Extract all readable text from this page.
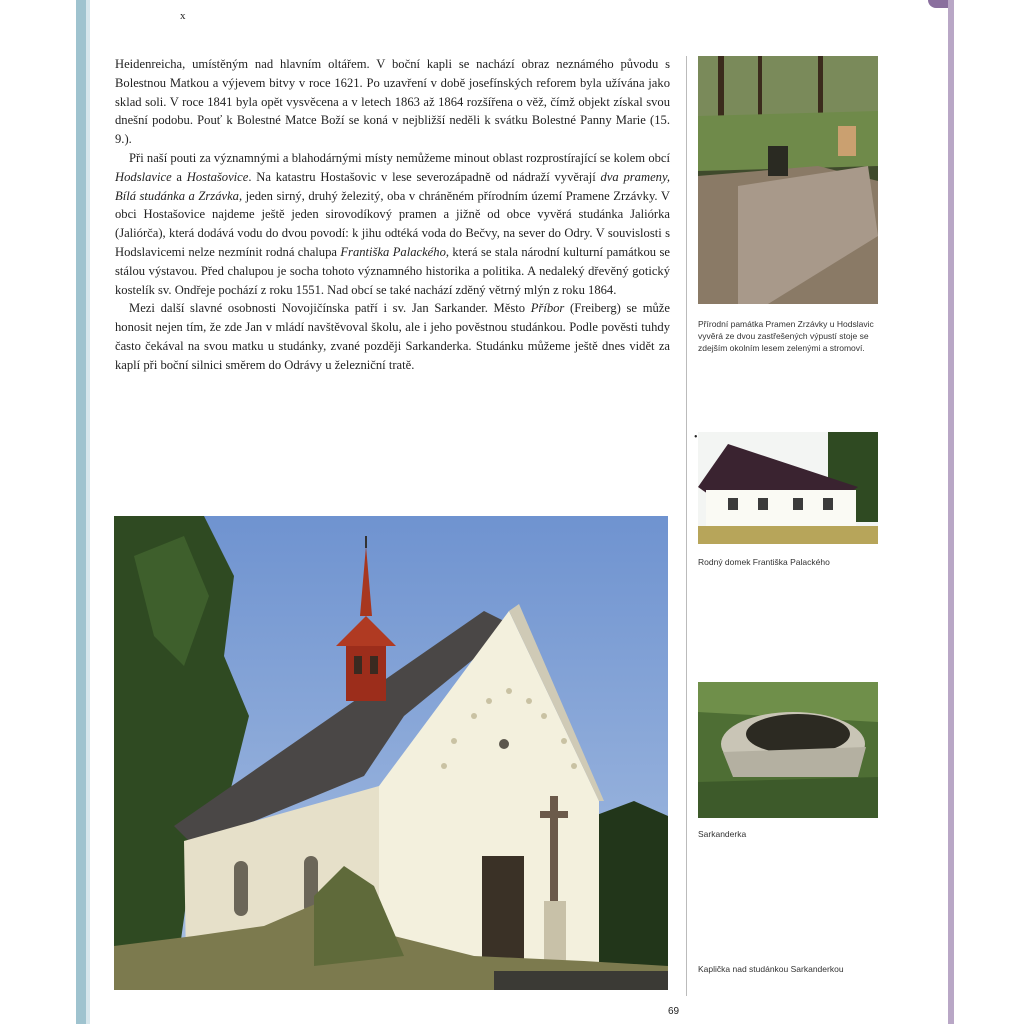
x

Heidenreicha, umístěným nad hlavním oltářem. V boční kapli se nachází obraz neznámého původu s Bolestnou Matkou a výjevem bitvy v roce 1621. Po uzavření v době josefínských reforem byla užívána jako sklad soli. V roce 1841 byla opět vysvěcena a v letech 1863 až 1864 rozšířena o věž, čímž objekt získal svou dnešní podobu. Pouť k Bolestné Matce Boží se koná v nejbližší neděli k svátku Bolestné Panny Marie (15. 9.).

Při naší pouti za významnými a blahodárnými místy nemůžeme minout oblast rozprostírající se kolem obcí Hodslavice a Hostašovice. Na katastru Hostašovic v lese severozápadně od nádraží vyvěrají dva prameny, Bílá studánka a Zrzávka, jeden sirný, druhý železitý, oba v chráněném přírodním území Pramene Zrzávky. V obci Hostašovice najdeme ještě jeden sirovodíkový pramen a jižně od obce vyvěrá studánka Jaliórka (Jaliórča), která dodává vodu do dvou povodí: k jihu odtéká voda do Bečvy, na sever do Odry. V souvislosti s Hodslavicemi nelze nezmínit rodná chalupa Františka Palackého, která se stala národní kulturní památkou se stálou výstavou. Před chalupou je socha tohoto významného historika a politika. A nedaleký dřevěný gotický kostelík sv. Ondřeje pochází z roku 1551. Nad obcí se také nachází zděný větrný mlýn z roku 1864.

Mezi další slavné osobnosti Novojičínska patří i sv. Jan Sarkander. Město Příbor (Freiberg) se může honosit nejen tím, že zde Jan v mládí navštěvoval školu, ale i jeho pověstnou studánkou. Podle pověsti tuhdy často čekával na svou matku u studánky, zvané později Sarkanderka. Studánku můžeme ještě dnes vidět za kaplí při boční silnici směrem do Odrávy u železniční tratě.

Přírodní památka Pramen Zrzávky u Hodslavic vyvěrá ze dvou zastřešených výpustí stoje se zdejším okolním lesem zelenými a stromoví.
•
Rodný domek Františka Palackého
Sarkanderka
Kaplička nad studánkou Sarkanderkou
69
